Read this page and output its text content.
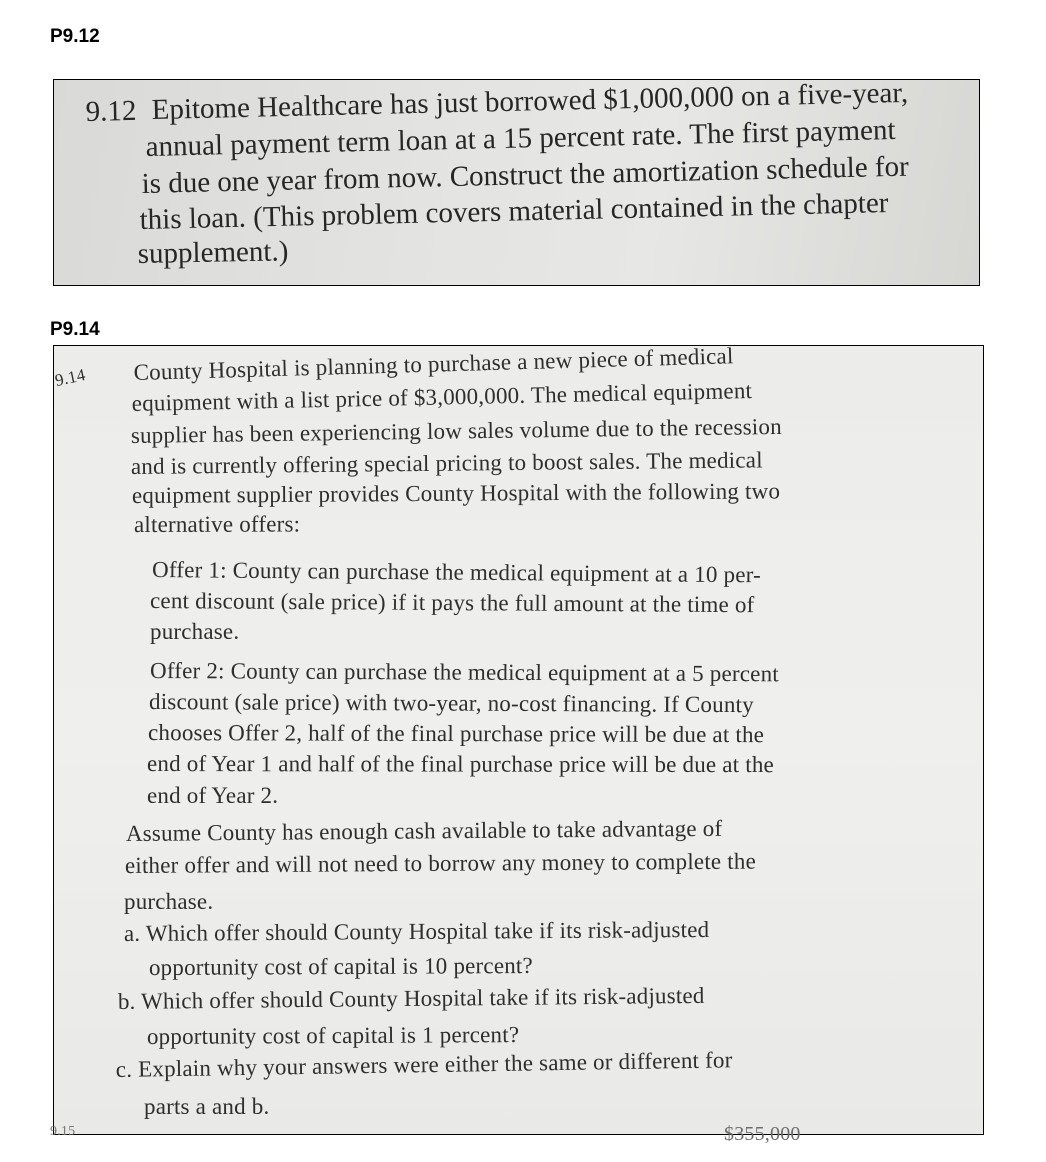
P9.12

9.12 Epitome Healthcare has just borrowed $1,000,000 on a five-year,

annual payment term loan at a 15 percent rate. The first payment

is due one year from now. Construct the amortization schedule for

this loan. (This problem covers material contained in the chapter

supplement.)

P9.14

9.14 County Hospital is planning to purchase a new piece of medical

equipment with a list price of $3,000,000. The medical equipment

supplier has been experiencing low sales volume due to the recession

and is currently offering special pricing to boost sales. The medical

equipment supplier provides County Hospital with the following two

alternative offers:

Offer 1: County can purchase the medical equipment at a 10 per-

cent discount (sale price) if it pays the full amount at the time of

purchase.

Offer 2: County can purchase the medical equipment at a 5 percent

discount (sale price) with two-year, no-cost financing. If County

chooses Offer 2, half of the final purchase price will be due at the

end of Year 1 and half of the final purchase price will be due at the

end of Year 2.

Assume County has enough cash available to take advantage of

either offer and will not need to borrow any money to complete the

purchase.

a. Which offer should County Hospital take if its risk-adjusted

opportunity cost of capital is 10 percent?

b. Which offer should County Hospital take if its risk-adjusted

opportunity cost of capital is 1 percent?

c. Explain why your answers were either the same or different for

parts a and b.

9.15	$355,000
